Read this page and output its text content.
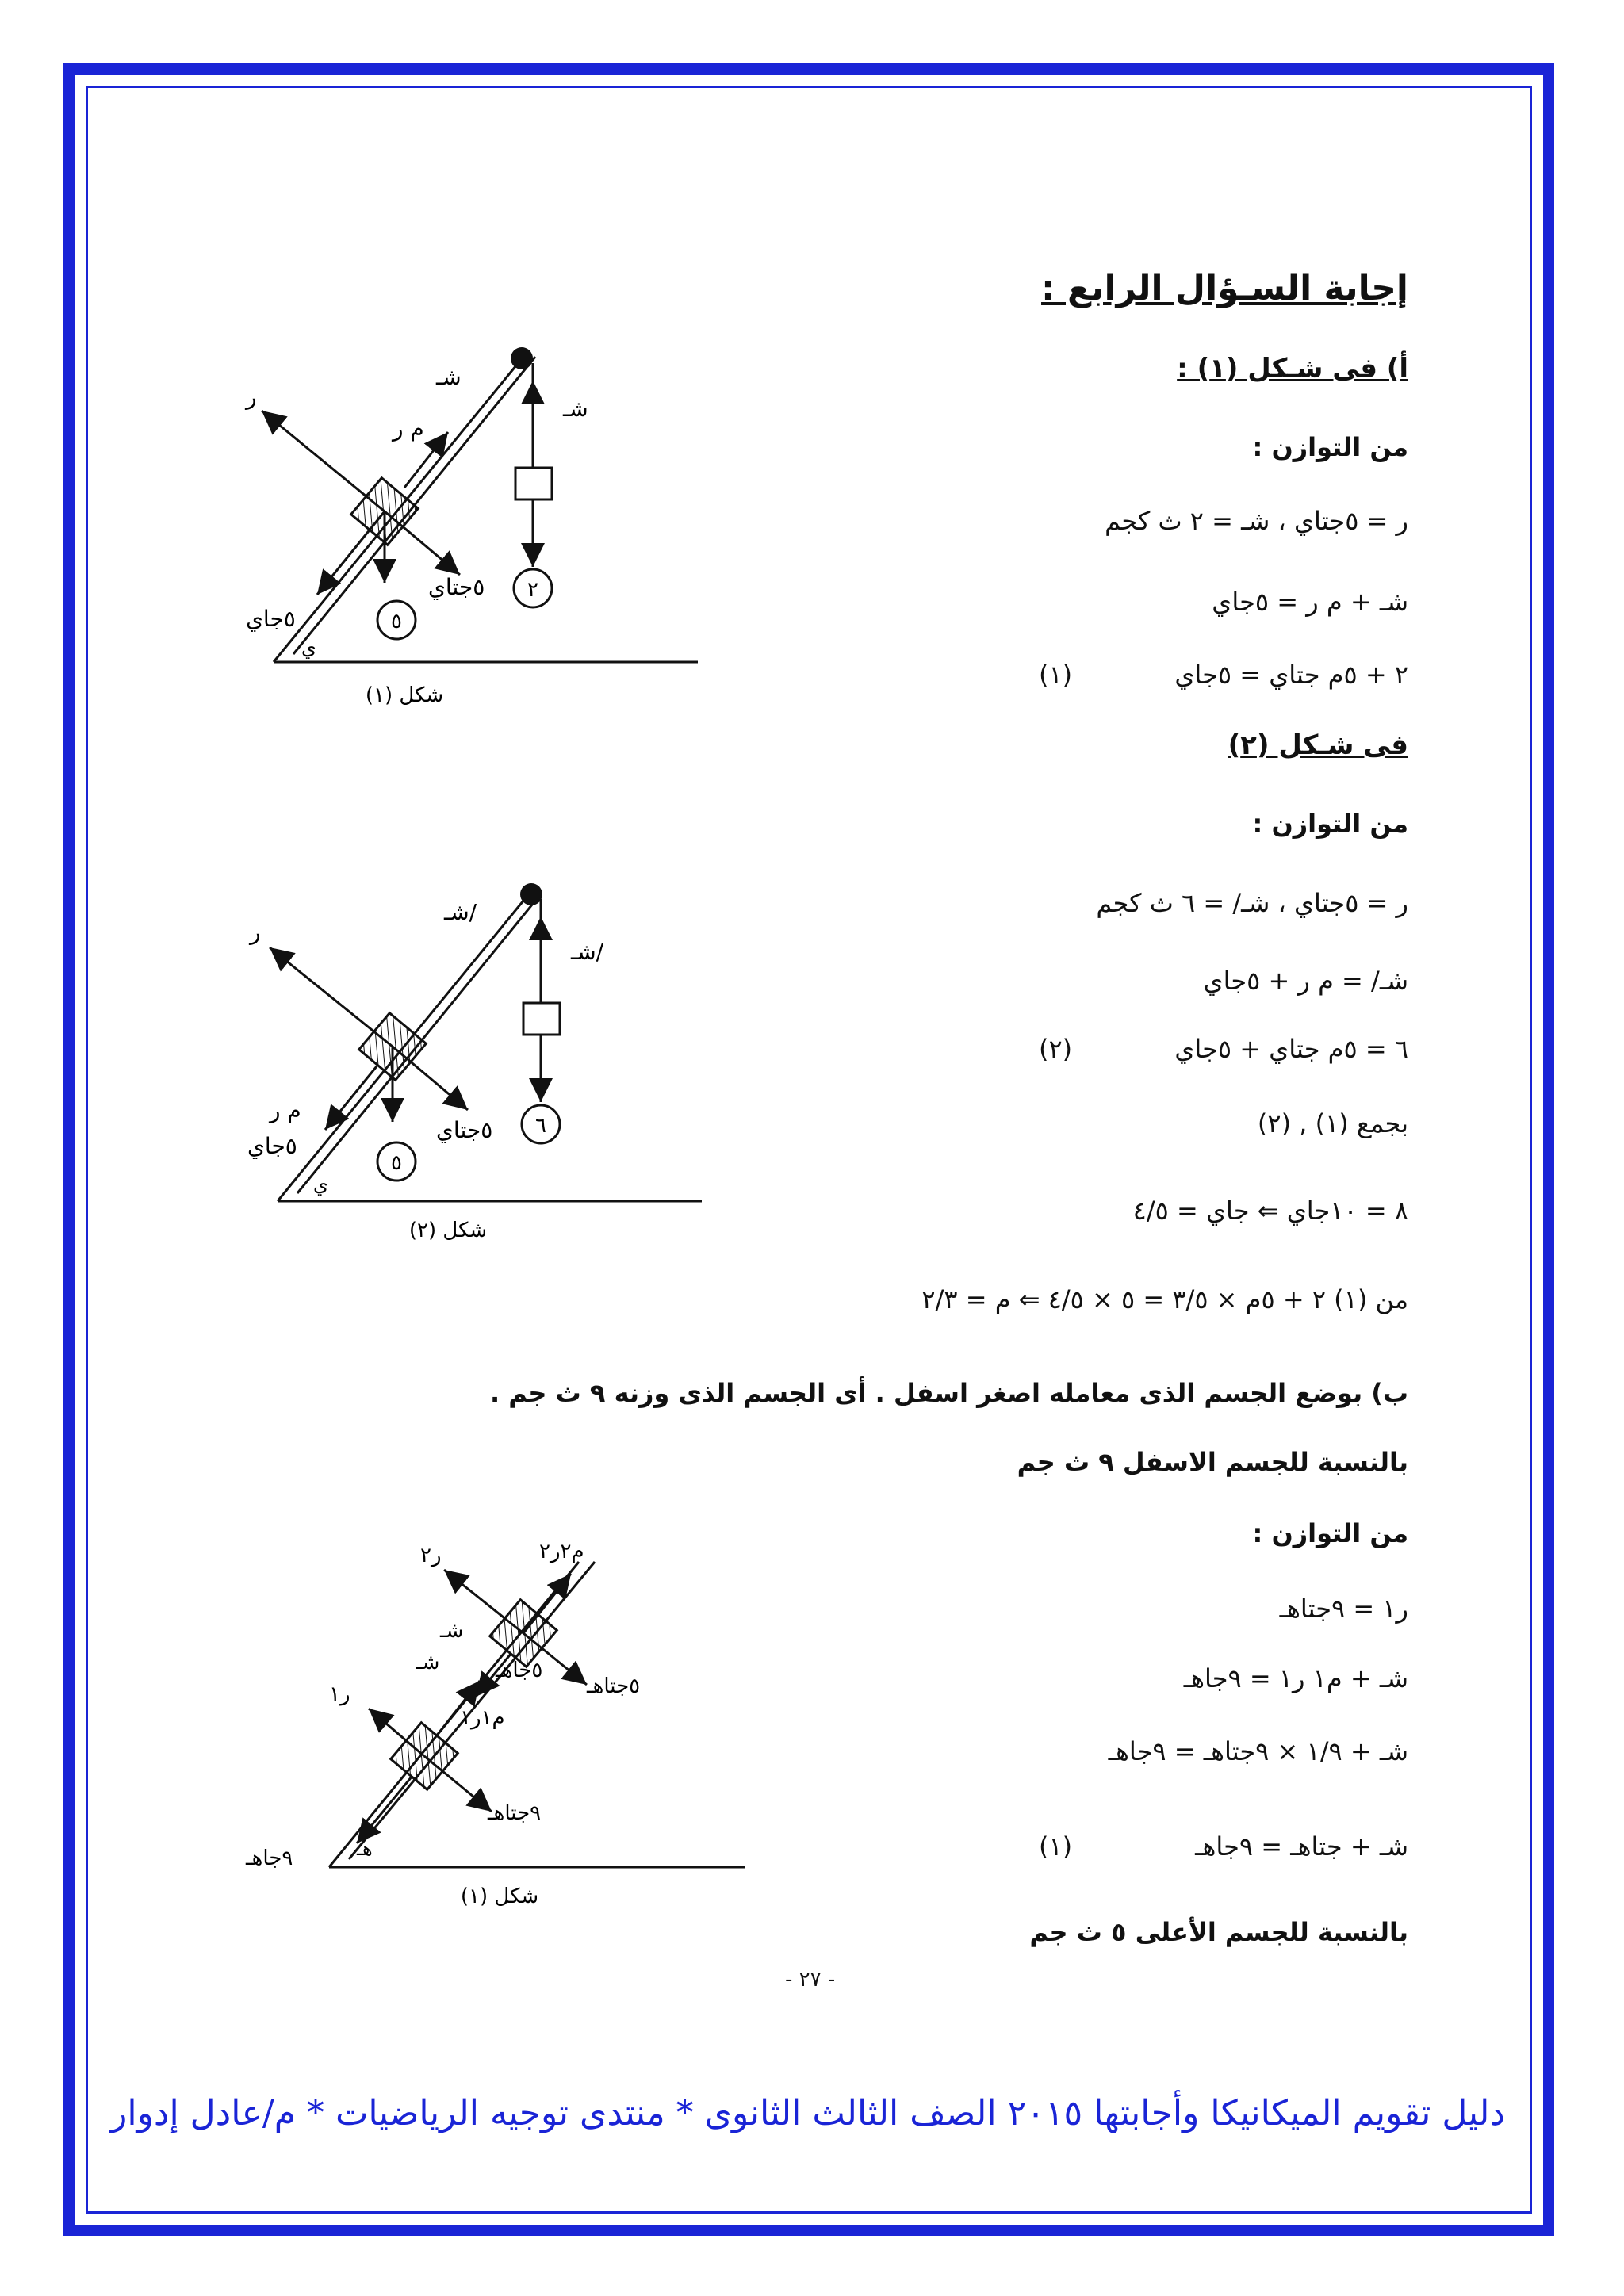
إجابة السـؤال الرابع :
أ) فى شـكل (١) :
من التوازن :
ر = ٥جتاي ، شـ = ٢ ث كجم
شـ + م ر = ٥جاي
٢ + ٥م جتاي = ٥جاي
(١)
فى شـكل (٢)
من التوازن :
ر = ٥جتاي ، شـ/ = ٦ ث كجم
شـ/ = م ر + ٥جاي
٦ = ٥م جتاي + ٥جاي
(٢)
بجمع (١) , (٢)
٨ = ١٠جاي ⇐ جاي = ٤/٥
من (١) ٢ + ٥م × ٣/٥ = ٥ × ٤/٥ ⇐ م = ٢/٣
ب) بوضع الجسم الذى معامله اصغر اسفل . أى الجسم الذى وزنه ٩ ث جم .
بالنسبة للجسم الاسفل ٩ ث جم
من التوازن :
ر١ = ٩جتاهـ
شـ + م١ ر١ = ٩جاهـ
شـ + ١/٩ × ٩جتاهـ = ٩جاهـ
شـ + جتاهـ = ٩جاهـ
(١)
بالنسبة للجسم الأعلى ٥ ث جم
٢
شـ
٥
ر
شـ
م ر
٥جتاي
٥جاي
ي
شكل (١)
٦
شـ/
٥
ر
شـ/
م ر
٥جتاي
٥جاي
ي
شكل (٢)
ر٢	م٢ر٢
ر١
شـ
شـ
م١ر١
٥جاهـ
٥جتاهـ
٩جتاهـ
٩جاهـ	هـ
شكل (١)
- ٢٧ -
دليل تقويم الميكانيكا وأجابتها ٢٠١٥ الصف الثالث الثانوى * منتدى توجيه الرياضيات * م/عادل إدوار
